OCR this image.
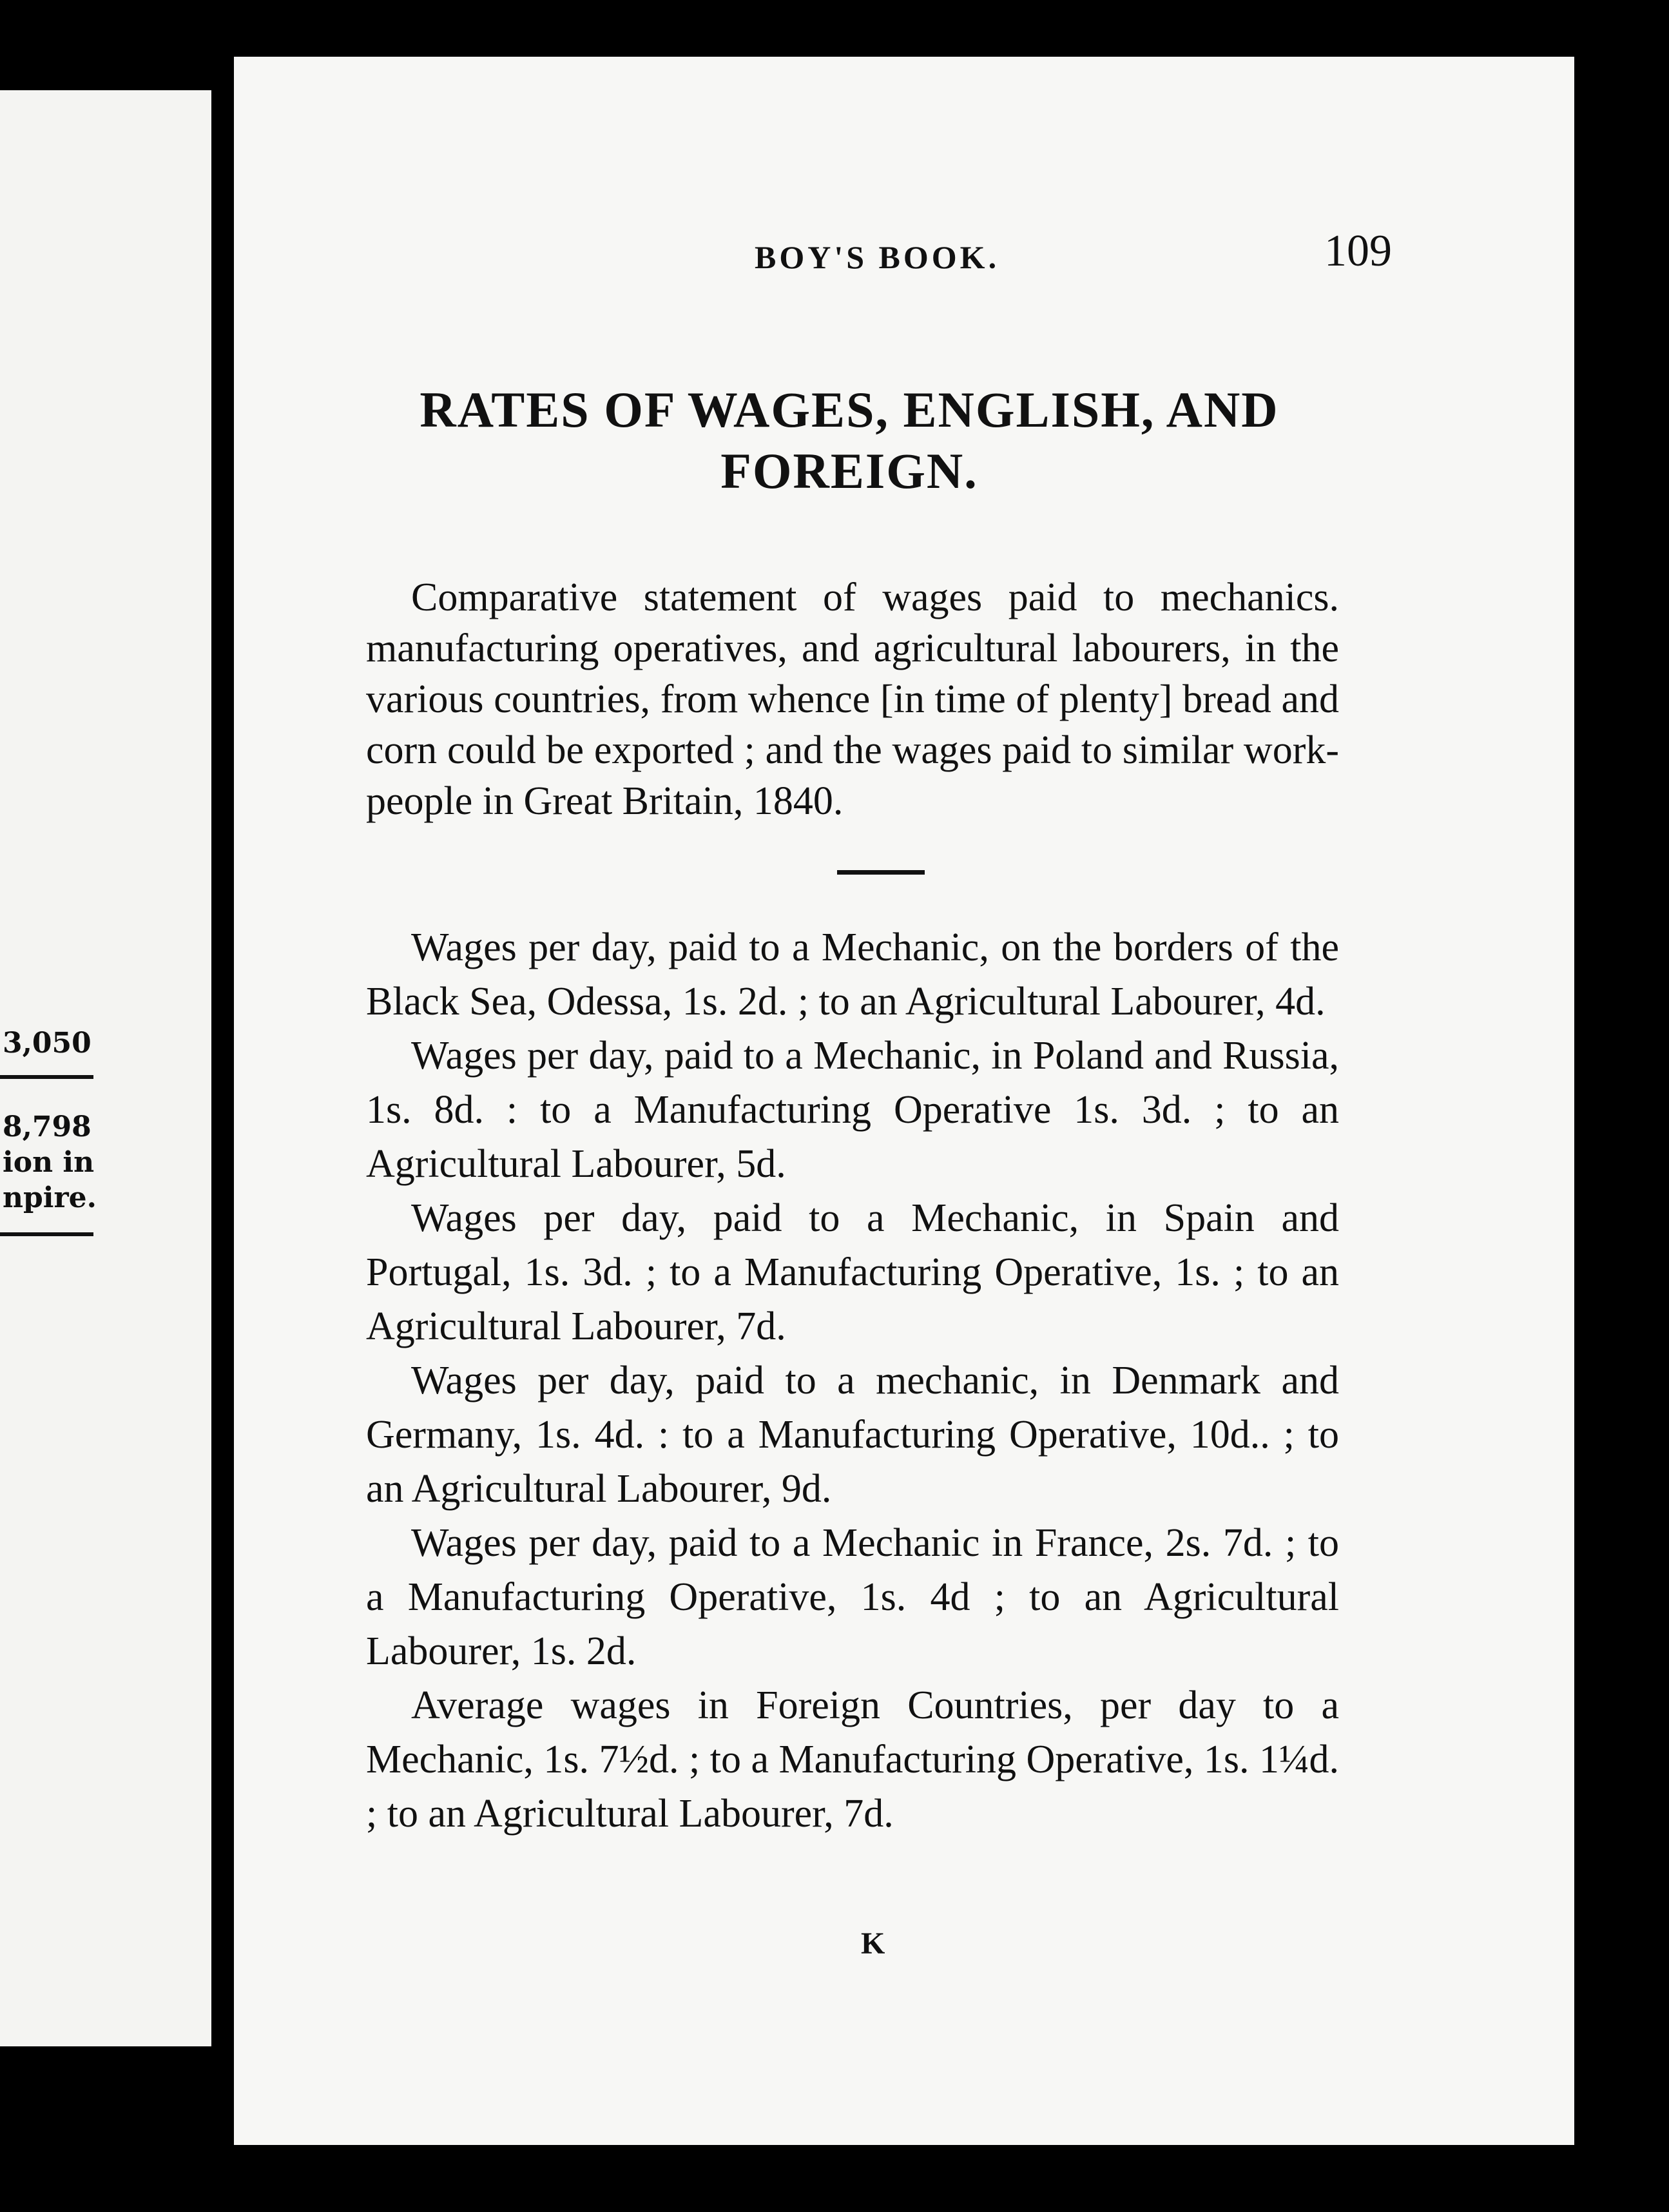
3,050
8,798
ion in
npire.
BOY'S BOOK.	109
RATES OF WAGES, ENGLISH, AND FOREIGN.
Comparative statement of wages paid to mechanics. manufacturing operatives, and agricultural labourers, in the various countries, from whence [in time of plenty] bread and corn could be exported ; and the wages paid to similar work-people in Great Britain, 1840.

Wages per day, paid to a Mechanic, on the borders of the Black Sea, Odessa, 1s. 2d. ; to an Agricultural Labourer, 4d.

Wages per day, paid to a Mechanic, in Poland and Russia, 1s. 8d. : to a Manufacturing Operative 1s. 3d. ; to an Agricultural Labourer, 5d.

Wages per day, paid to a Mechanic, in Spain and Portugal, 1s. 3d. ; to a Manufacturing Operative, 1s. ; to an Agricultural Labourer, 7d.

Wages per day, paid to a mechanic, in Denmark and Germany, 1s. 4d. : to a Manufacturing Operative, 10d.. ; to an Agricultural Labourer, 9d.

Wages per day, paid to a Mechanic in France, 2s. 7d. ; to a Manufacturing Operative, 1s. 4d ; to an Agricultural Labourer, 1s. 2d.

Average wages in Foreign Countries, per day to a Mechanic, 1s. 7½d. ; to a Manufacturing Operative, 1s. 1¼d. ; to an Agricultural Labourer, 7d.

K
